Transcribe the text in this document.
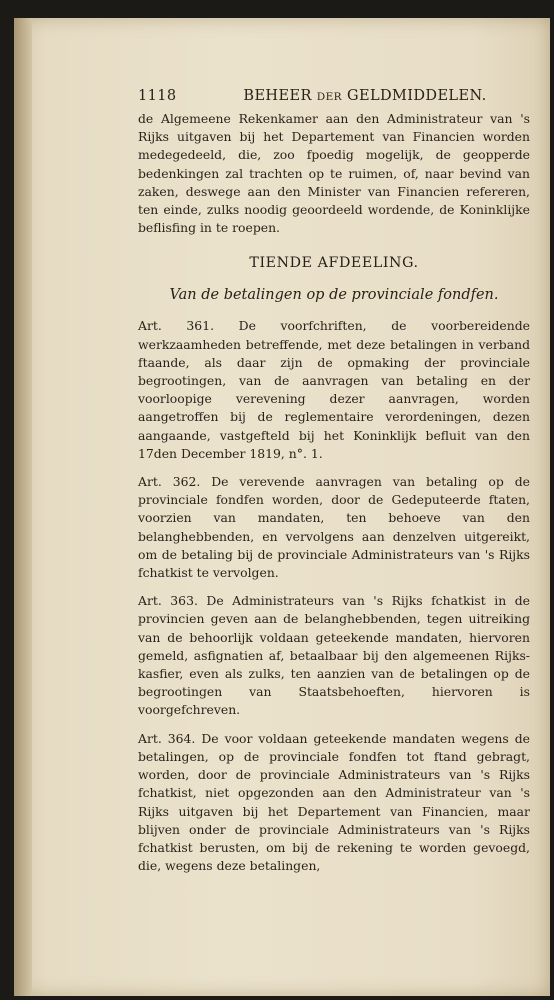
1118	BEHEER DER GELDMIDDELEN.

de Algemeene Rekenkamer aan den Administrateur van 's Rijks uitgaven bij het Departement van Financien worden medegedeeld, die, zoo fpoedig mogelijk, de geopperde bedenkingen zal trachten op te ruimen, of, naar bevind van zaken, deswege aan den Minister van Financien refereren, ten einde, zulks noodig geoordeeld wordende, de Koninklijke beflisfing in te roepen.

TIENDE AFDEELING.
Van de betalingen op de provinciale fondfen.

Art. 361. De voorfchriften, de voorbereidende werkzaamheden betreffende, met deze betalingen in verband ftaande, als daar zijn de opmaking der provinciale begrootingen, van de aanvragen van betaling en der voorloopige verevening dezer aanvragen, worden aangetroffen bij de reglementaire verordeningen, dezen aangaande, vastgefteld bij het Koninklijk befluit van den 17den December 1819, n°. 1.

Art. 362. De verevende aanvragen van betaling op de provinciale fondfen worden, door de Gedeputeerde ftaten, voorzien van mandaten, ten behoeve van den belanghebbenden, en vervolgens aan denzelven uitgereikt, om de betaling bij de provinciale Administrateurs van 's Rijks fchatkist te vervolgen.

Art. 363. De Administrateurs van 's Rijks fchatkist in de provincien geven aan de belanghebbenden, tegen uitreiking van de behoorlijk voldaan geteekende mandaten, hiervoren gemeld, asfignatien af, betaalbaar bij den algemeenen Rijks-kasfier, even als zulks, ten aanzien van de betalingen op de begrootingen van Staatsbehoeften, hiervoren is voorgefchreven.

Art. 364. De voor voldaan geteekende mandaten wegens de betalingen, op de provinciale fondfen tot ftand gebragt, worden, door de provinciale Administrateurs van 's Rijks fchatkist, niet opgezonden aan den Administrateur van 's Rijks uitgaven bij het Departement van Financien, maar blijven onder de provinciale Administrateurs van 's Rijks fchatkist berusten, om bij de rekening te worden gevoegd, die, wegens deze betalingen,
